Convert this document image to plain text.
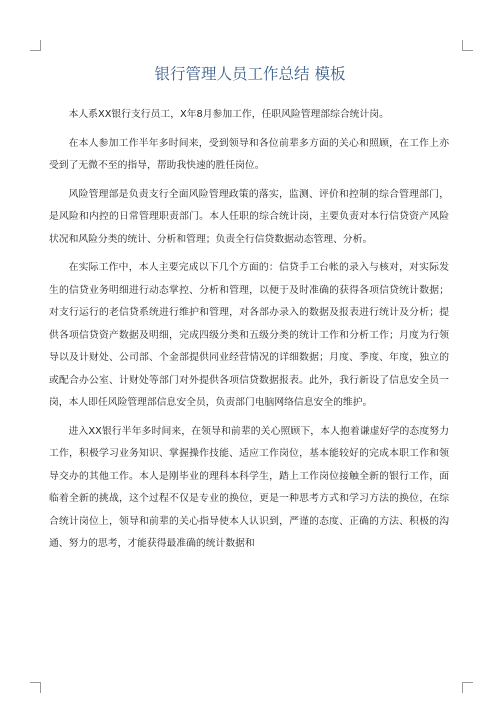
银行管理人员工作总结 模板

本人系XX银行支行员工，X年8月参加工作，任职风险管理部综合统计岗。

在本人参加工作半年多时间来，受到领导和各位前辈多方面的关心和照顾，在工作上亦受到了无微不至的指导，帮助我快速的胜任岗位。

风险管理部是负责支行全面风险管理政策的落实，监测、评价和控制的综合管理部门，是风险和内控的日常管理职责部门。本人任职的综合统计岗，主要负责对本行信贷资产风险状况和风险分类的统计、分析和管理；负责全行信贷数据动态管理、分析。

在实际工作中，本人主要完成以下几个方面的：信贷手工台帐的录入与核对，对实际发生的信贷业务明细进行动态掌控、分析和管理，以便于及时准确的获得各项信贷统计数据；对支行运行的老信贷系统进行维护和管理，对各部办录入的数据及报表进行统计及分析；提供各项信贷资产数据及明细，完成四级分类和五级分类的统计工作和分析工作；月度为行领导以及计财处、公司部、个金部提供同业经营情况的详细数据；月度、季度、年度，独立的或配合办公室、计财处等部门对外提供各项信贷数据报表。此外，我行新设了信息安全员一岗，本人即任风险管理部信息安全员，负责部门电脑网络信息安全的维护。

进入XX银行半年多时间来，在领导和前辈的关心照顾下，本人抱着谦虚好学的态度努力工作，积极学习业务知识、掌握操作技能、适应工作岗位，基本能较好的完成本职工作和领导交办的其他工作。本人是刚毕业的理科本科学生，踏上工作岗位接触全新的银行工作，面临着全新的挑战，这个过程不仅是专业的换位，更是一种思考方式和学习方法的换位，在综合统计岗位上，领导和前辈的关心指导使本人认识到，严谨的态度、正确的方法、积极的沟通、努力的思考，才能获得最准确的统计数据和
